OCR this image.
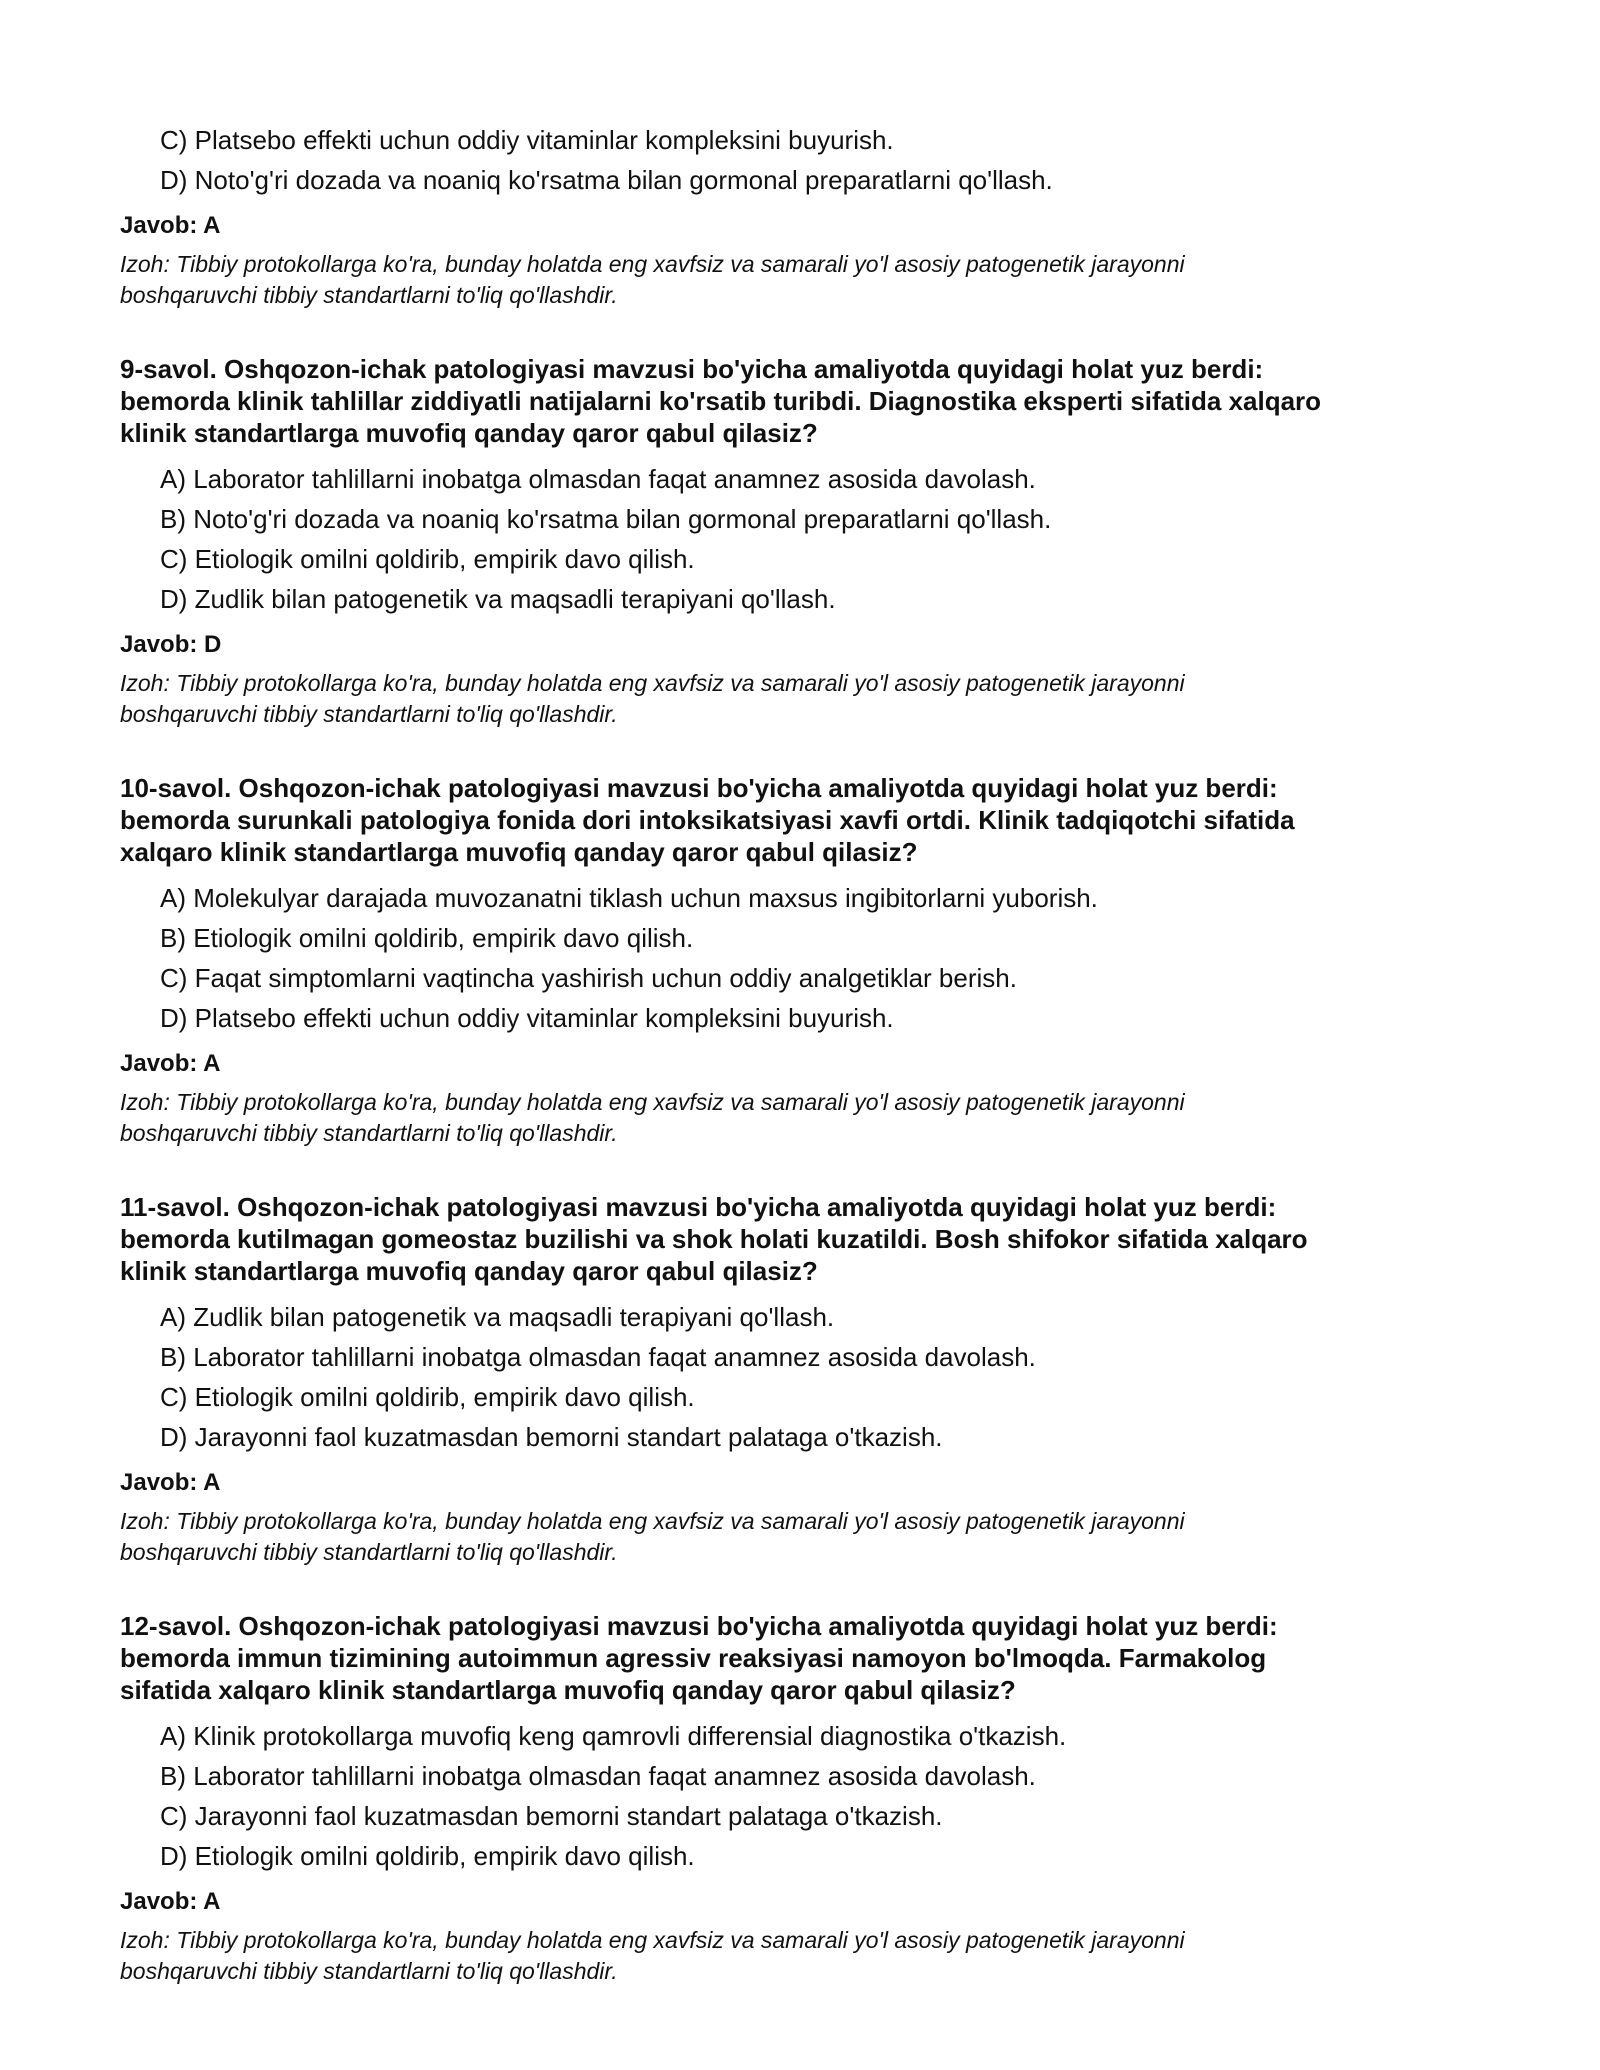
C) Platsebo effekti uchun oddiy vitaminlar kompleksini buyurish.
D) Noto'g'ri dozada va noaniq ko'rsatma bilan gormonal preparatlarni qo'llash.
Javob: A
Izoh: Tibbiy protokollarga ko'ra, bunday holatda eng xavfsiz va samarali yo'l asosiy patogenetik jarayonni
boshqaruvchi tibbiy standartlarni to'liq qo'llashdir.
9-savol. Oshqozon-ichak patologiyasi mavzusi bo'yicha amaliyotda quyidagi holat yuz berdi:
bemorda klinik tahlillar ziddiyatli natijalarni ko'rsatib turibdi. Diagnostika eksperti sifatida xalqaro
klinik standartlarga muvofiq qanday qaror qabul qilasiz?
A) Laborator tahlillarni inobatga olmasdan faqat anamnez asosida davolash.
B) Noto'g'ri dozada va noaniq ko'rsatma bilan gormonal preparatlarni qo'llash.
C) Etiologik omilni qoldirib, empirik davo qilish.
D) Zudlik bilan patogenetik va maqsadli terapiyani qo'llash.
Javob: D
Izoh: Tibbiy protokollarga ko'ra, bunday holatda eng xavfsiz va samarali yo'l asosiy patogenetik jarayonni
boshqaruvchi tibbiy standartlarni to'liq qo'llashdir.
10-savol. Oshqozon-ichak patologiyasi mavzusi bo'yicha amaliyotda quyidagi holat yuz berdi:
bemorda surunkali patologiya fonida dori intoksikatsiyasi xavfi ortdi. Klinik tadqiqotchi sifatida
xalqaro klinik standartlarga muvofiq qanday qaror qabul qilasiz?
A) Molekulyar darajada muvozanatni tiklash uchun maxsus ingibitorlarni yuborish.
B) Etiologik omilni qoldirib, empirik davo qilish.
C) Faqat simptomlarni vaqtincha yashirish uchun oddiy analgetiklar berish.
D) Platsebo effekti uchun oddiy vitaminlar kompleksini buyurish.
Javob: A
Izoh: Tibbiy protokollarga ko'ra, bunday holatda eng xavfsiz va samarali yo'l asosiy patogenetik jarayonni
boshqaruvchi tibbiy standartlarni to'liq qo'llashdir.
11-savol. Oshqozon-ichak patologiyasi mavzusi bo'yicha amaliyotda quyidagi holat yuz berdi:
bemorda kutilmagan gomeostaz buzilishi va shok holati kuzatildi. Bosh shifokor sifatida xalqaro
klinik standartlarga muvofiq qanday qaror qabul qilasiz?
A) Zudlik bilan patogenetik va maqsadli terapiyani qo'llash.
B) Laborator tahlillarni inobatga olmasdan faqat anamnez asosida davolash.
C) Etiologik omilni qoldirib, empirik davo qilish.
D) Jarayonni faol kuzatmasdan bemorni standart palataga o'tkazish.
Javob: A
Izoh: Tibbiy protokollarga ko'ra, bunday holatda eng xavfsiz va samarali yo'l asosiy patogenetik jarayonni
boshqaruvchi tibbiy standartlarni to'liq qo'llashdir.
12-savol. Oshqozon-ichak patologiyasi mavzusi bo'yicha amaliyotda quyidagi holat yuz berdi:
bemorda immun tizimining autoimmun agressiv reaksiyasi namoyon bo'lmoqda. Farmakolog
sifatida xalqaro klinik standartlarga muvofiq qanday qaror qabul qilasiz?
A) Klinik protokollarga muvofiq keng qamrovli differensial diagnostika o'tkazish.
B) Laborator tahlillarni inobatga olmasdan faqat anamnez asosida davolash.
C) Jarayonni faol kuzatmasdan bemorni standart palataga o'tkazish.
D) Etiologik omilni qoldirib, empirik davo qilish.
Javob: A
Izoh: Tibbiy protokollarga ko'ra, bunday holatda eng xavfsiz va samarali yo'l asosiy patogenetik jarayonni
boshqaruvchi tibbiy standartlarni to'liq qo'llashdir.
